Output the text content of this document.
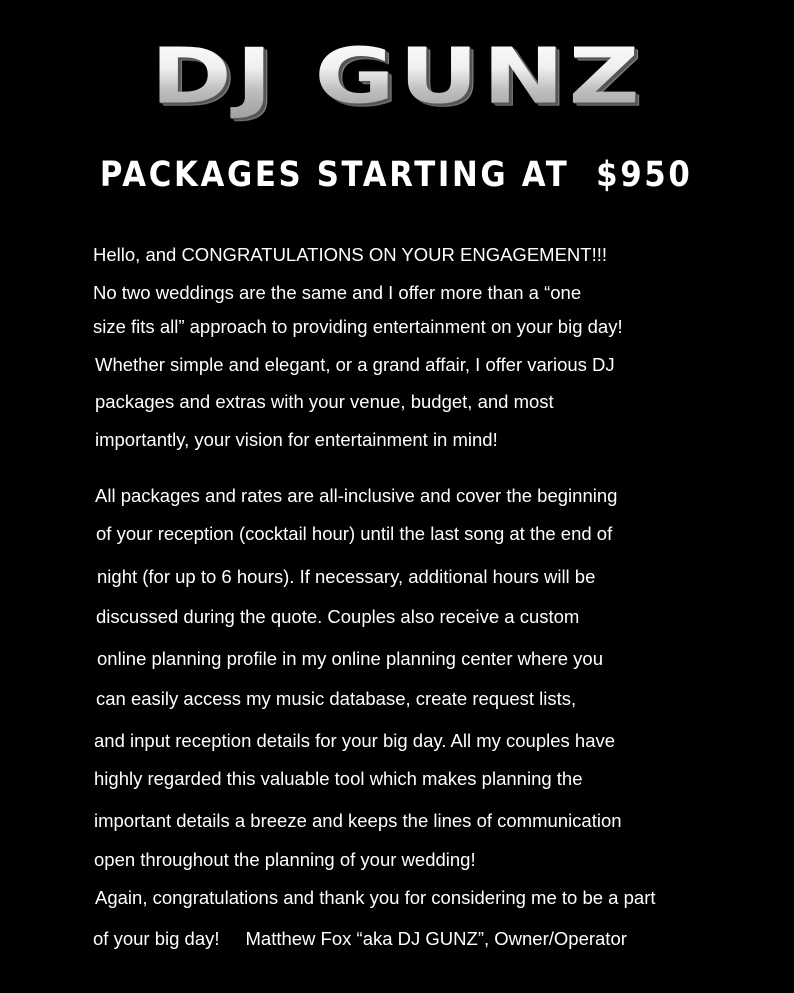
DJ GUNZ
PACKAGES STARTING AT  $950

Hello, and CONGRATULATIONS ON YOUR ENGAGEMENT!!!

No two weddings are the same and I offer more than a “one

size fits all” approach to providing entertainment on your big day!

Whether simple and elegant, or a grand affair, I offer various DJ

packages and extras with your venue, budget, and most

importantly, your vision for entertainment in mind!

All packages and rates are all-inclusive and cover the beginning

of your reception (cocktail hour) until the last song at the end of

night (for up to 6 hours). If necessary, additional hours will be

discussed during the quote. Couples also receive a custom

online planning profile in my online planning center where you

can easily access my music database, create request lists,

and input reception details for your big day. All my couples have

highly regarded this valuable tool which makes planning the

important details a breeze and keeps the lines of communication

open throughout the planning of your wedding!

Again, congratulations and thank you for considering me to be a part

of your big day! Matthew Fox “aka DJ GUNZ”, Owner/Operator
